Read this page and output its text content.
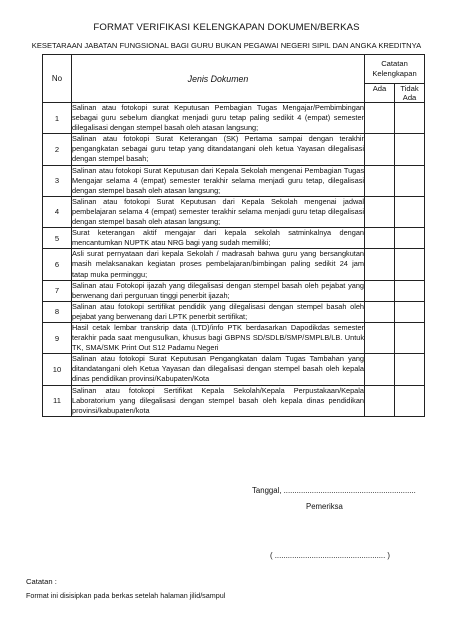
FORMAT VERIFIKASI KELENGKAPAN DOKUMEN/BERKAS
KESETARAAN JABATAN FUNGSIONAL BAGI GURU BUKAN PEGAWAI NEGERI SIPIL DAN ANGKA KREDITNYA
No	Jenis Dokumen	Catatan Kelengkapan	
		Ada	Tidak Ada
1	Salinan atau fotokopi surat Keputusan Pembagian Tugas Mengajar/Pembimbingan sebagai guru sebelum diangkat menjadi guru tetap paling sedikit 4 (empat) semester dilegalisasi dengan stempel basah oleh atasan langsung;		
2	Salinan atau fotokopi Surat Keterangan (SK) Pertama sampai dengan terakhir pengangkatan sebagai guru tetap yang ditandatangani oleh ketua Yayasan dilegalisasi dengan stempel basah;		
3	Salinan atau fotokopi Surat Keputusan dari Kepala Sekolah mengenai Pembagian Tugas Mengajar selama 4 (empat) semester terakhir selama menjadi guru tetap, dilegalisasi dengan stempel basah oleh atasan langsung;		
4	Salinan atau fotokopi Surat Keputusan dari Kepala Sekolah mengenai jadwal pembelajaran selama 4 (empat) semester terakhir selama menjadi guru tetap dilegalisasi dengan stempel basah oleh atasan langsung;		
5	Surat keterangan aktif mengajar dari kepala sekolah satminkalnya dengan mencantumkan NUPTK atau NRG bagi yang sudah memiliki;		
6	Asli surat pernyataan dari kepala Sekolah / madrasah bahwa guru yang bersangkutan masih melaksanakan kegiatan proses pembelajaran/bimbingan paling sedikit 24 jam tatap muka perminggu;		
7	Salinan atau Fotokopi ijazah yang dilegalisasi dengan stempel basah oleh pejabat yang berwenang dari perguruan tinggi penerbit ijazah;		
8	Salinan atau fotokopi sertifikat pendidik yang dilegalisasi dengan stempel basah oleh pejabat yang berwenang dari LPTK penerbit sertifikat;		
9	Hasil cetak lembar transkrip data (LTD)/info PTK berdasarkan Dapodikdas semester terakhir pada saat mengusulkan, khusus bagi GBPNS SD/SDLB/SMP/SMPLB/LB. Untuk TK, SMA/SMK Print Out S12 Padamu Negeri		
10	Salinan atau fotokopi Surat Keputusan Pengangkatan dalam Tugas Tambahan yang ditandatangani oleh Ketua Yayasan dan dilegalisasi dengan stempel basah oleh kepala dinas pendidikan provinsi/Kabupaten/Kota		
11	Salinan atau fotokopi Sertifikat Kepala Sekolah/Kepala Perpustakaan/Kepala Laboratorium yang dilegalisasi dengan stempel basah oleh kepala dinas pendidikan provinsi/kabupaten/kota		
Tanggal, .............................................................
Pemeriksa
( ................................................... )
Catatan :
Format ini disisipkan pada berkas setelah halaman jilid/sampul
